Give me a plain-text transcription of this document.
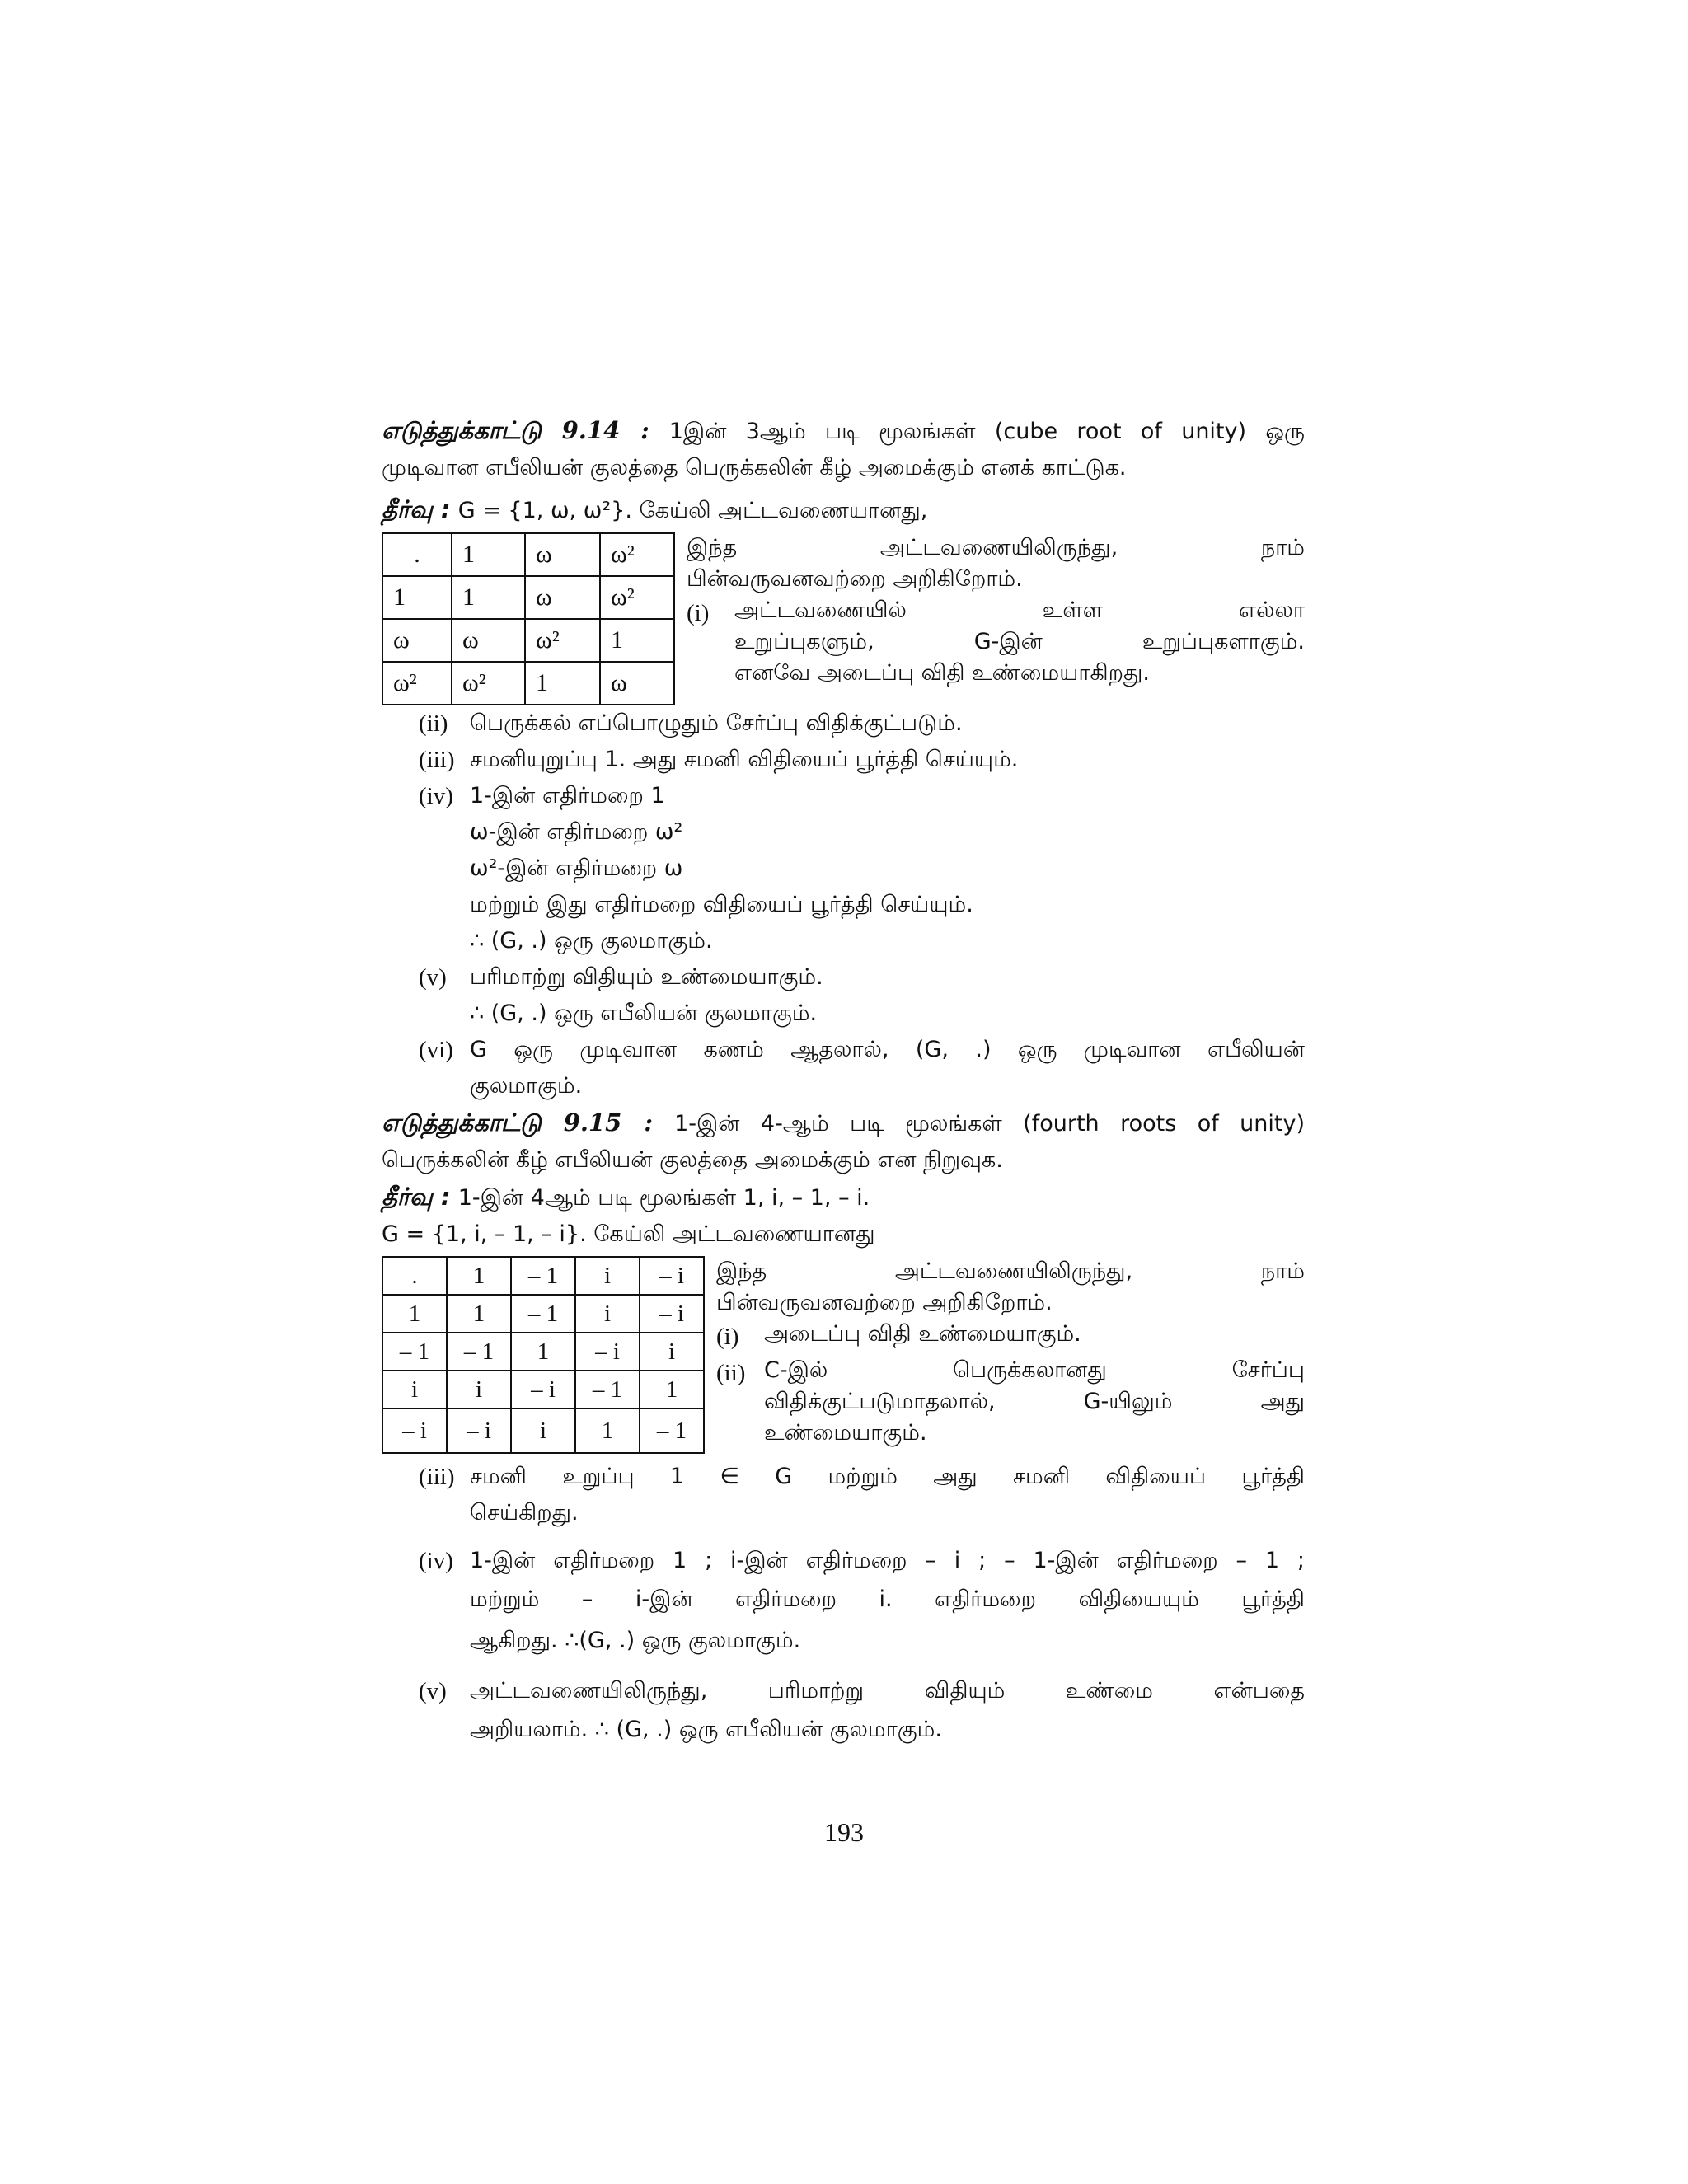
எடுத்துக்காட்டு 9.14 : 1இன் 3ஆம் படி மூலங்கள் (cube root of unity) ஒரு
முடிவான எபீலியன் குலத்தை பெருக்கலின் கீழ் அமைக்கும் எனக் காட்டுக.
தீர்வு : G = {1, ω, ω²}. கேய்லி அட்டவணையானது,
.	1	ω	ω²
1	1	ω	ω²
ω	ω	ω²	1
ω²	ω²	1	ω
இந்த அட்டவணையிலிருந்து, நாம்
பின்வருவனவற்றை அறிகிறோம்.
(i)	அட்டவணையில் உள்ள எல்லா
உறுப்புகளும், G-இன் உறுப்புகளாகும்.
எனவே அடைப்பு விதி உண்மையாகிறது.
(ii) பெருக்கல் எப்பொழுதும் சேர்ப்பு விதிக்குட்படும்.
(iii) சமனியுறுப்பு 1. அது சமனி விதியைப் பூர்த்தி செய்யும்.
(iv) 1-இன் எதிர்மறை 1
ω-இன் எதிர்மறை ω²
ω²-இன் எதிர்மறை ω
மற்றும் இது எதிர்மறை விதியைப் பூர்த்தி செய்யும்.
∴ (G, .) ஒரு குலமாகும்.
(v)	பரிமாற்று விதியும் உண்மையாகும்.
∴ (G, .) ஒரு எபீலியன் குலமாகும்.
(vi) G ஒரு முடிவான கணம் ஆதலால், (G, .) ஒரு முடிவான எபீலியன்
குலமாகும்.
எடுத்துக்காட்டு 9.15 : 1-இன் 4-ஆம் படி மூலங்கள் (fourth roots of unity)
பெருக்கலின் கீழ் எபீலியன் குலத்தை அமைக்கும் என நிறுவுக.
தீர்வு : 1-இன் 4ஆம் படி மூலங்கள் 1, i, – 1, – i.
G = {1, i, – 1, – i}. கேய்லி அட்டவணையானது
.	1	– 1	i	– i
1	1	– 1	i	– i
– 1	– 1	1	– i	i
i	i	– i	– 1	1
– i	– i	i	1	– 1
இந்த அட்டவணையிலிருந்து, நாம்
பின்வருவனவற்றை அறிகிறோம்.
(i)	அடைப்பு விதி உண்மையாகும்.
(ii) C-இல் பெருக்கலானது சேர்ப்பு
விதிக்குட்படுமாதலால், G-யிலும் அது
உண்மையாகும்.
(iii) சமனி உறுப்பு 1 ∈ G மற்றும் அது சமனி விதியைப் பூர்த்தி
செய்கிறது.
(iv) 1-இன் எதிர்மறை 1 ; i-இன் எதிர்மறை – i ; – 1-இன் எதிர்மறை – 1 ;
மற்றும் – i-இன் எதிர்மறை i. எதிர்மறை விதியையும் பூர்த்தி
ஆகிறது. ∴(G, .) ஒரு குலமாகும்.
(v)	அட்டவணையிலிருந்து, பரிமாற்று விதியும் உண்மை என்பதை
அறியலாம். ∴ (G, .) ஒரு எபீலியன் குலமாகும்.
193
